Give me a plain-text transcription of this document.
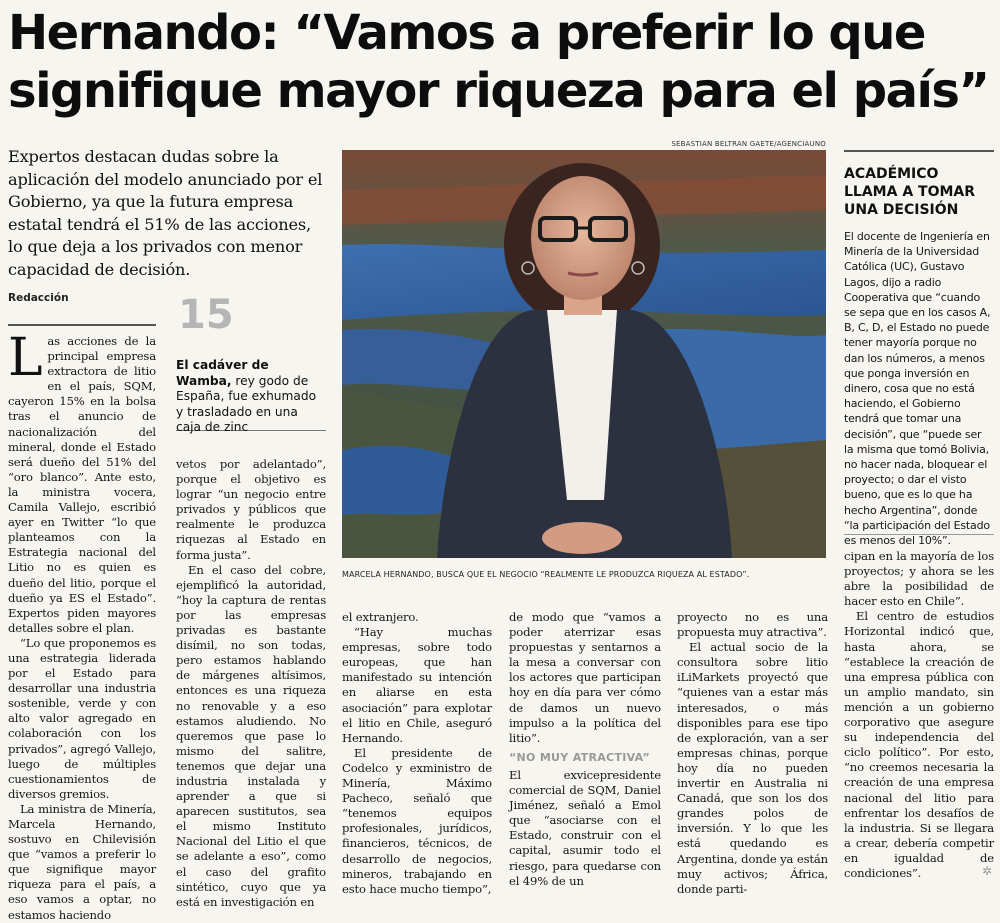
Hernando: “Vamos a preferir lo que
signifique mayor riqueza para el país”
Expertos destacan dudas sobre la aplicación del modelo anunciado por el Gobierno, ya que la futura empresa estatal tendrá el 51% de las acciones, lo que deja a los privados con menor capacidad de decisión.
Redacción	15
El cadáver de Wamba, rey godo de España, fue exhumado y trasladado en una caja de zinc
SEBASTIAN BELTRAN GAETE/AGENCIAUNO
MARCELA HERNANDO, BUSCA QUE EL NEGOCIO “REALMENTE LE PRODUZCA RIQUEZA AL ESTADO”.
ACADÉMICO LLAMA A TOMAR UNA DECISIÓN
El docente de Ingeniería en Minería de la Universidad Católica (UC), Gustavo Lagos, dijo a radio Cooperativa que “cuando se sepa que en los casos A, B, C, D, el Estado no puede tener mayoría porque no dan los números, a menos que ponga inversión en dinero, cosa que no está haciendo, el Gobierno tendrá que tomar una decisión”, que “puede ser la misma que tomó Bolivia, no hacer nada, bloquear el proyecto; o dar el visto bueno, que es lo que ha hecho Argentina”, donde “la participación del Estado es menos del 10%”.
L as acciones de la principal empresa extractora de litio en el país, SQM, cayeron 15% en la bolsa tras el anuncio de nacionalización del mineral, donde el Estado será dueño del 51% del “oro blanco”. Ante esto, la ministra vocera, Camila Vallejo, escribió ayer en Twitter “lo que planteamos con la Estrategia nacional del Litio no es quien es dueño del litio, porque el dueño ya ES el Estado”. Expertos piden mayores detalles sobre el plan.

“Lo que proponemos es una estrategia liderada por el Estado para desarrollar una industria sostenible, verde y con alto valor agregado en colaboración con los privados”, agregó Vallejo, luego de múltiples cuestionamientos de diversos gremios.

La ministra de Minería, Marcela Hernando, sostuvo en Chilevisión que “vamos a preferir lo que signifique mayor riqueza para el país, a eso vamos a optar, no estamos haciendo

vetos por adelantado”, porque el objetivo es lograr “un negocio entre privados y públicos que realmente le produzca riquezas al Estado en forma justa”.

En el caso del cobre, ejemplificó la autoridad, “hoy la captura de rentas por las empresas privadas es bastante disímil, no son todas, pero estamos hablando de márgenes altísimos, entonces es una riqueza no renovable y a eso estamos aludiendo. No queremos que pase lo mismo del salitre, tenemos que dejar una industria instalada y aprender a que si aparecen sustitutos, sea el mismo Instituto Nacional del Litio el que se adelante a eso”, como el caso del grafito sintético, cuyo que ya está en investigación en

el extranjero.

“Hay muchas empresas, sobre todo europeas, que han manifestado su intención en aliarse en esta asociación” para explotar el litio en Chile, aseguró Hernando.

El presidente de Codelco y exministro de Minería, Máximo Pacheco, señaló que “tenemos equipos profesionales, jurídicos, financieros, técnicos, de desarrollo de negocios, mineros, trabajando en esto hace mucho tiempo”,

de modo que “vamos a poder aterrizar esas propuestas y sentarnos a la mesa a conversar con los actores que participan hoy en día para ver cómo de damos un nuevo impulso a la política del litio”.

“NO MUY ATRACTIVA”

El exvicepresidente comercial de SQM, Daniel Jiménez, señaló a Emol que “asociarse con el Estado, construir con el capital, asumir todo el riesgo, para quedarse con el 49% de un

proyecto no es una propuesta muy atractiva”.

El actual socio de la consultora sobre litio iLiMarkets proyectó que “quienes van a estar más interesados, o más disponibles para ese tipo de exploración, van a ser empresas chinas, porque hoy día no pueden invertir en Australia ni Canadá, que son los dos grandes polos de inversión. Y lo que les está quedando es Argentina, donde ya están muy activos; África, donde parti-

cipan en la mayoría de los proyectos; y ahora se les abre la posibilidad de hacer esto en Chile”.

El centro de estudios Horizontal indicó que, hasta ahora, se “establece la creación de una empresa pública con un amplio mandato, sin mención a un gobierno corporativo que asegure su independencia del ciclo político”. Por esto, “no creemos necesaria la creación de una empresa nacional del litio para enfrentar los desafíos de la industria. Si se llegara a crear, debería competir en igualdad de condiciones”.	✲
